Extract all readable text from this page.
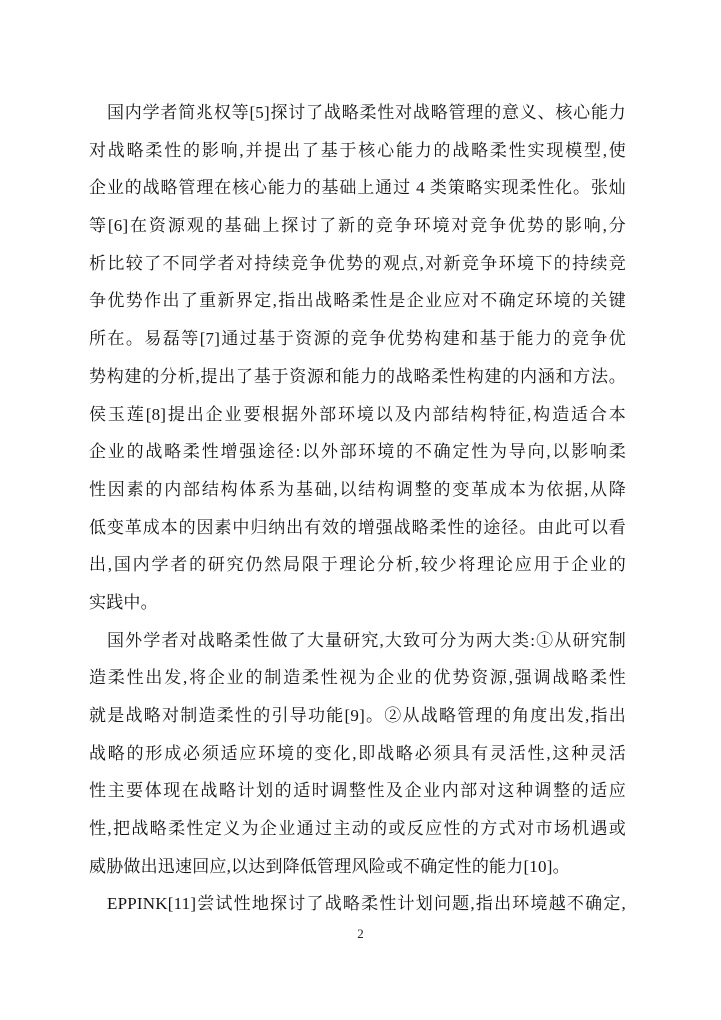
国内学者简兆权等[5]探讨了战略柔性对战略管理的意义、核心能力
对战略柔性的影响,并提出了基于核心能力的战略柔性实现模型,使
企业的战略管理在核心能力的基础上通过 4 类策略实现柔性化。张灿
等[6]在资源观的基础上探讨了新的竞争环境对竞争优势的影响,分
析比较了不同学者对持续竞争优势的观点,对新竞争环境下的持续竞
争优势作出了重新界定,指出战略柔性是企业应对不确定环境的关键
所在。易磊等[7]通过基于资源的竞争优势构建和基于能力的竞争优
势构建的分析,提出了基于资源和能力的战略柔性构建的内涵和方法。
侯玉莲[8]提出企业要根据外部环境以及内部结构特征,构造适合本
企业的战略柔性增强途径:以外部环境的不确定性为导向,以影响柔
性因素的内部结构体系为基础,以结构调整的变革成本为依据,从降
低变革成本的因素中归纳出有效的增强战略柔性的途径。由此可以看
出,国内学者的研究仍然局限于理论分析,较少将理论应用于企业的
实践中。
国外学者对战略柔性做了大量研究,大致可分为两大类:①从研究制
造柔性出发,将企业的制造柔性视为企业的优势资源,强调战略柔性
就是战略对制造柔性的引导功能[9]。②从战略管理的角度出发,指出
战略的形成必须适应环境的变化,即战略必须具有灵活性,这种灵活
性主要体现在战略计划的适时调整性及企业内部对这种调整的适应
性,把战略柔性定义为企业通过主动的或反应性的方式对市场机遇或
威胁做出迅速回应,以达到降低管理风险或不确定性的能力[10]。
EPPINK[11]尝试性地探讨了战略柔性计划问题,指出环境越不确定,
2
